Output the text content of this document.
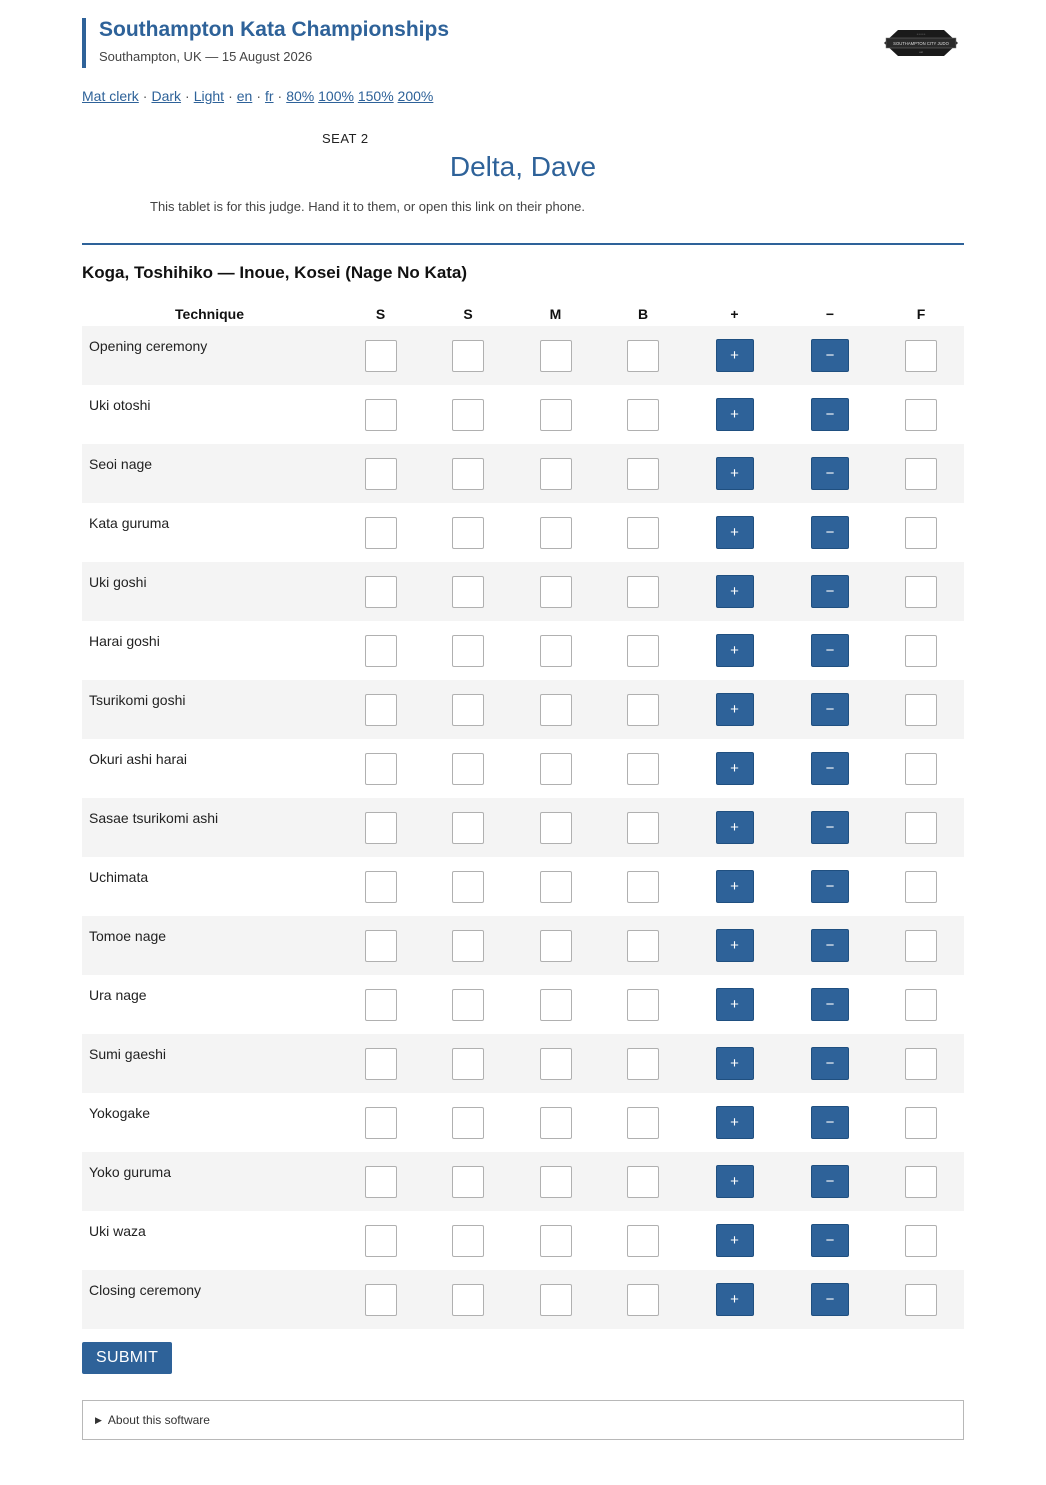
Southampton Kata Championships
Southampton, UK — 15 August 2026
SOUTHAMPTON CITY JUDO
• • • • •
est
Mat clerk · Dark · Light · en · fr · 80% 100% 150% 200%
SEAT 2
Delta, Dave
This tablet is for this judge. Hand it to them, or open this link on their phone.
Koga, Toshihiko — Inoue, Kosei (Nage No Kata)
Technique	S	S	M	B	+	−	F
Opening ceremony					+	−	
Uki otoshi					+	−	
Seoi nage					+	−	
Kata guruma					+	−	
Uki goshi					+	−	
Harai goshi					+	−	
Tsurikomi goshi					+	−	
Okuri ashi harai					+	−	
Sasae tsurikomi ashi					+	−	
Uchimata					+	−	
Tomoe nage					+	−	
Ura nage					+	−	
Sumi gaeshi					+	−	
Yokogake					+	−	
Yoko guruma					+	−	
Uki waza					+	−	
Closing ceremony					+	−	
SUBMIT
▶ About this software
